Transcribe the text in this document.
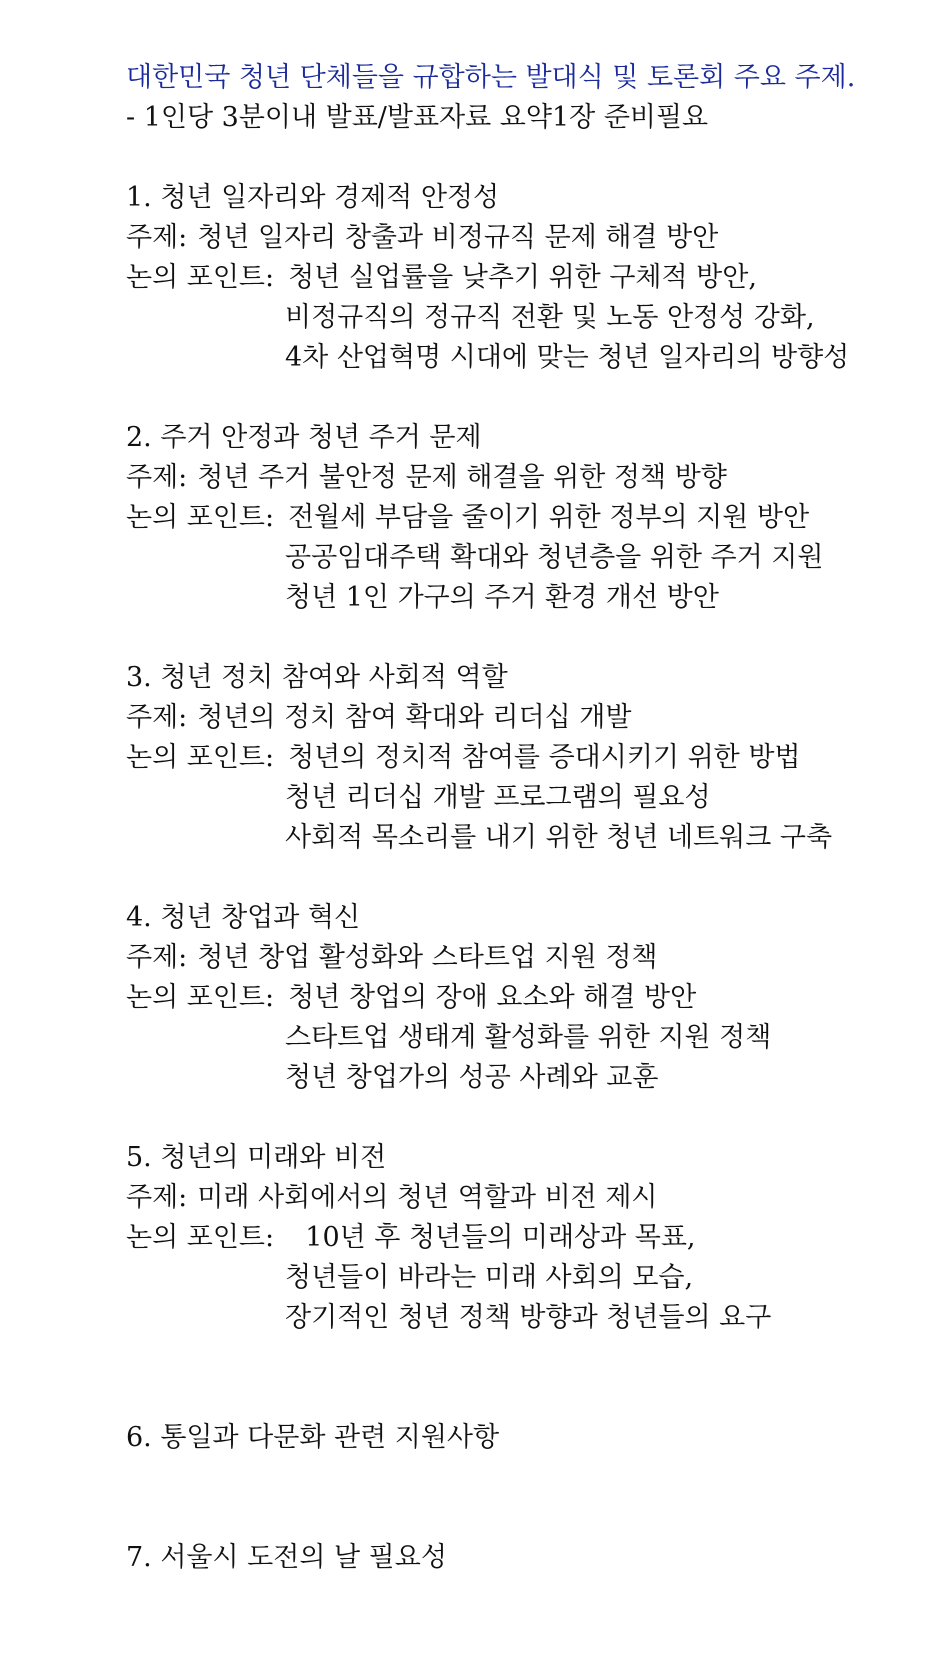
대한민국 청년 단체들을 규합하는 발대식 및 토론회 주요 주제.
- 1인당 3분이내 발표/발표자료 요약1장 준비필요
1. 청년 일자리와 경제적 안정성
주제: 청년 일자리 창출과 비정규직 문제 해결 방안
논의 포인트: 청년 실업률을 낮추기 위한 구체적 방안,
비정규직의 정규직 전환 및 노동 안정성 강화,
4차 산업혁명 시대에 맞는 청년 일자리의 방향성
2. 주거 안정과 청년 주거 문제
주제: 청년 주거 불안정 문제 해결을 위한 정책 방향
논의 포인트: 전월세 부담을 줄이기 위한 정부의 지원 방안
공공임대주택 확대와 청년층을 위한 주거 지원
청년 1인 가구의 주거 환경 개선 방안
3. 청년 정치 참여와 사회적 역할
주제: 청년의 정치 참여 확대와 리더십 개발
논의 포인트: 청년의 정치적 참여를 증대시키기 위한 방법
청년 리더십 개발 프로그램의 필요성
사회적 목소리를 내기 위한 청년 네트워크 구축
4. 청년 창업과 혁신
주제: 청년 창업 활성화와 스타트업 지원 정책
논의 포인트: 청년 창업의 장애 요소와 해결 방안
스타트업 생태계 활성화를 위한 지원 정책
청년 창업가의 성공 사례와 교훈
5. 청년의 미래와 비전
주제: 미래 사회에서의 청년 역할과 비전 제시
논의 포인트: 10년 후 청년들의 미래상과 목표,
청년들이 바라는 미래 사회의 모습,
장기적인 청년 정책 방향과 청년들의 요구
6. 통일과 다문화 관련 지원사항
7. 서울시 도전의 날 필요성
